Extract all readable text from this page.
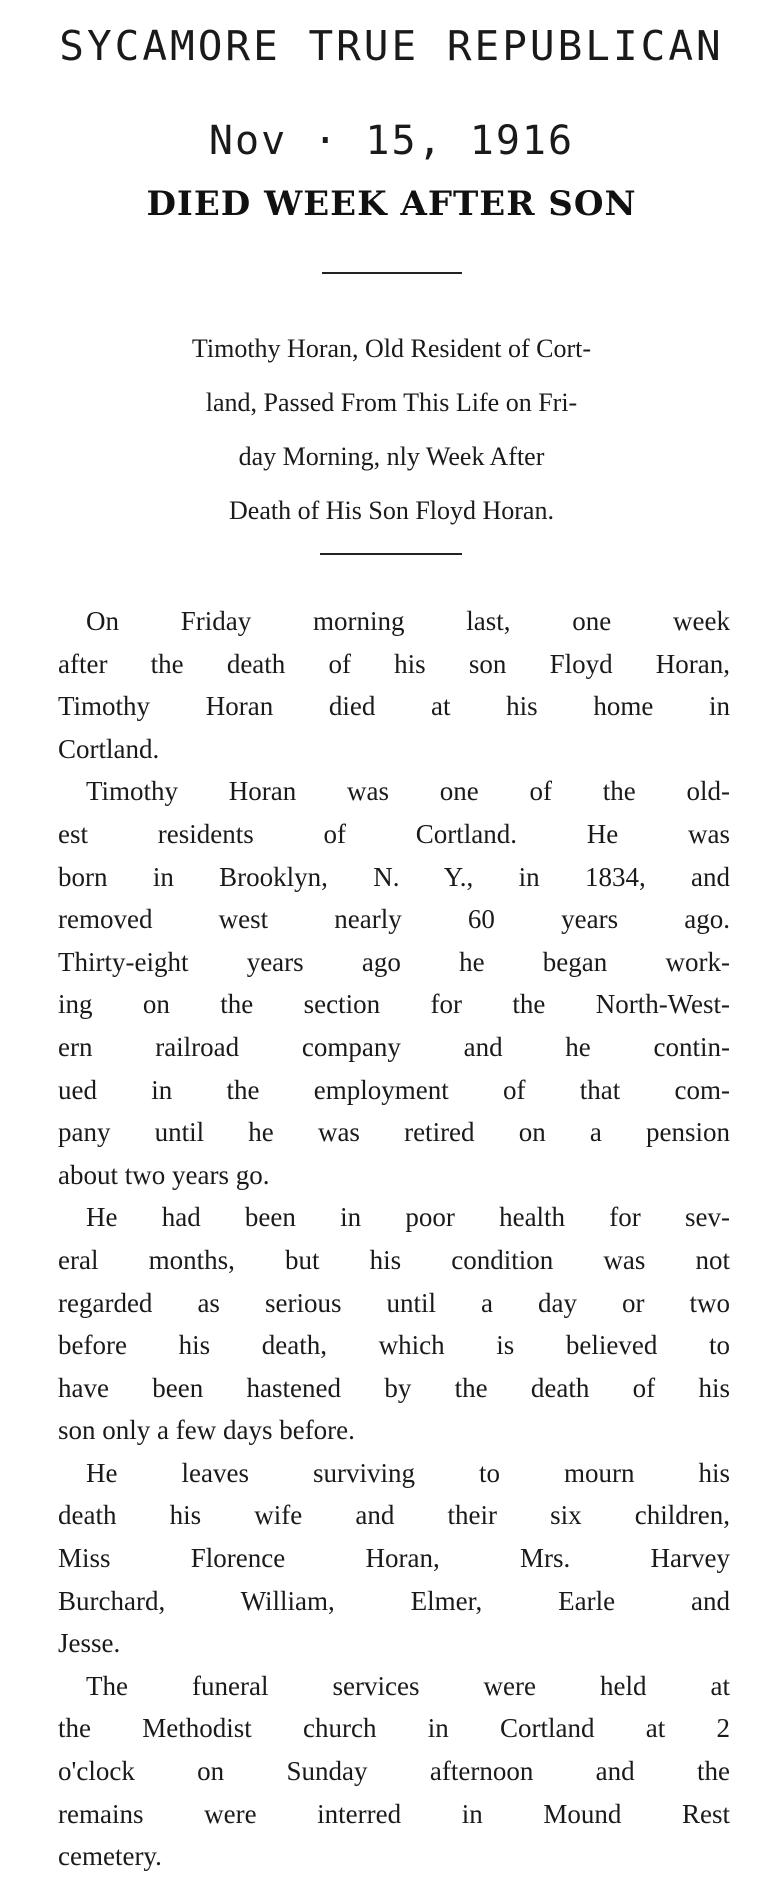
SYCAMORE TRUE REPUBLICAN
Nov · 15, 1916
DIED WEEK AFTER SON
Timothy Horan, Old Resident of Cort-
land, Passed From This Life on Fri-
day Morning, nly Week After
Death of His Son Floyd Horan.
On Friday morning last, one week
after the death of his son Floyd Horan,
Timothy Horan died at his home in
Cortland.
Timothy Horan was one of the old-
est residents of Cortland. He was
born in Brooklyn, N. Y., in 1834, and
removed west nearly 60 years ago.
Thirty-eight years ago he began work-
ing on the section for the North-West-
ern railroad company and he contin-
ued in the employment of that com-
pany until he was retired on a pension
about two years go.
He had been in poor health for sev-
eral months, but his condition was not
regarded as serious until a day or two
before his death, which is believed to
have been hastened by the death of his
son only a few days before.
He leaves surviving to mourn his
death his wife and their six children,
Miss Florence Horan, Mrs. Harvey
Burchard, William, Elmer, Earle and
Jesse.
The funeral services were held at
the Methodist church in Cortland at 2
o'clock on Sunday afternoon and the
remains were interred in Mound Rest
cemetery.
